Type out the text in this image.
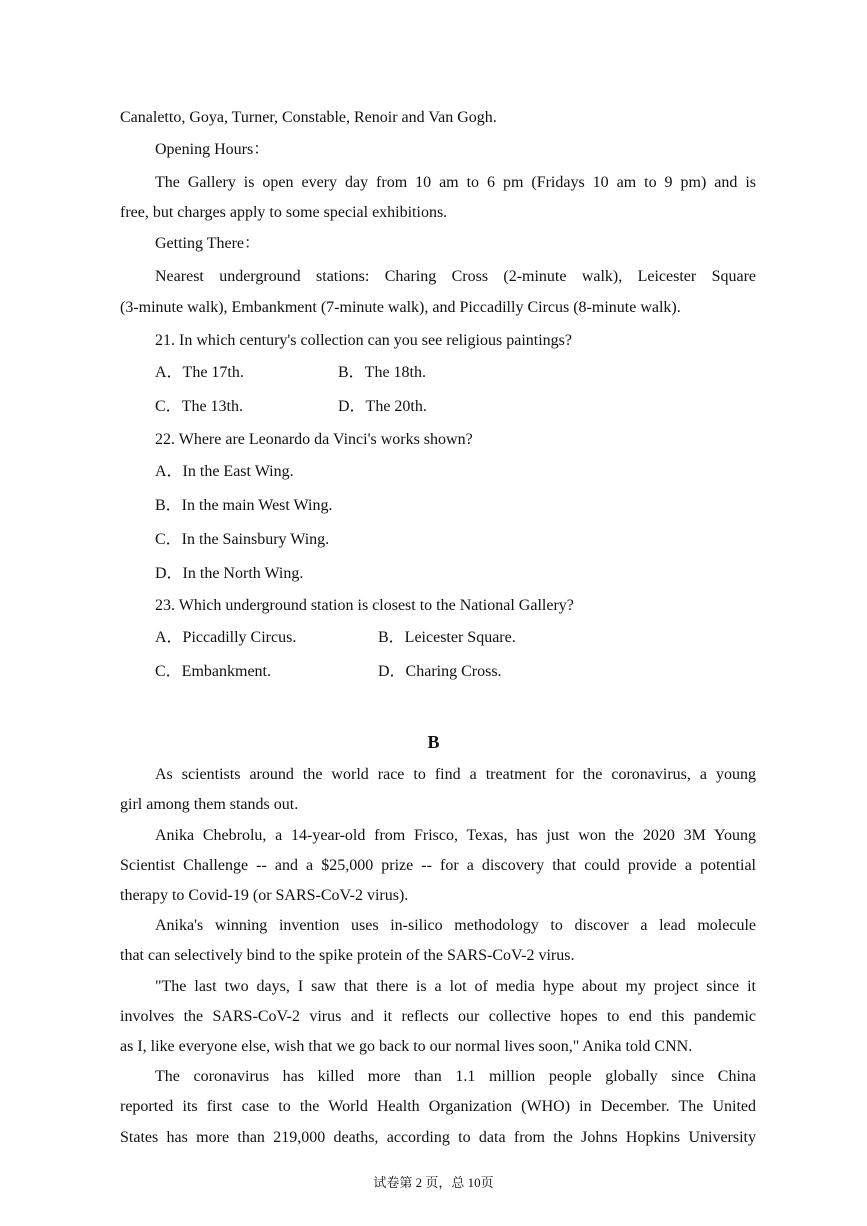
Canaletto, Goya, Turner, Constable, Renoir and Van Gogh.
Opening Hours：
The Gallery is open every day from 10 am to 6 pm (Fridays 10 am to 9 pm) and is
free, but charges apply to some special exhibitions.
Getting There：
Nearest underground stations: Charing Cross (2-minute walk), Leicester Square
(3-minute walk), Embankment (7-minute walk), and Piccadilly Circus (8-minute walk).
21. In which century's collection can you see religious paintings?
A．The 17th.	B．The 18th.
C．The 13th.	D．The 20th.
22. Where are Leonardo da Vinci's works shown?
A．In the East Wing.
B．In the main West Wing.
C．In the Sainsbury Wing.
D．In the North Wing.
23. Which underground station is closest to the National Gallery?
A．Piccadilly Circus.	B．Leicester Square.
C．Embankment.	D．Charing Cross.
B
As scientists around the world race to find a treatment for the coronavirus, a young
girl among them stands out.
Anika Chebrolu, a 14-year-old from Frisco, Texas, has just won the 2020 3M Young
Scientist Challenge -- and a $25,000 prize -- for a discovery that could provide a potential
therapy to Covid-19 (or SARS-CoV-2 virus).
Anika's winning invention uses in-silico methodology to discover a lead molecule
that can selectively bind to the spike protein of the SARS-CoV-2 virus.
"The last two days, I saw that there is a lot of media hype about my project since it
involves the SARS-CoV-2 virus and it reflects our collective hopes to end this pandemic
as I, like everyone else, wish that we go back to our normal lives soon," Anika told CNN.
The coronavirus has killed more than 1.1 million people globally since China
reported its first case to the World Health Organization (WHO) in December. The United
States has more than 219,000 deaths, according to data from the Johns Hopkins University
试卷第 2 页，总 10页
